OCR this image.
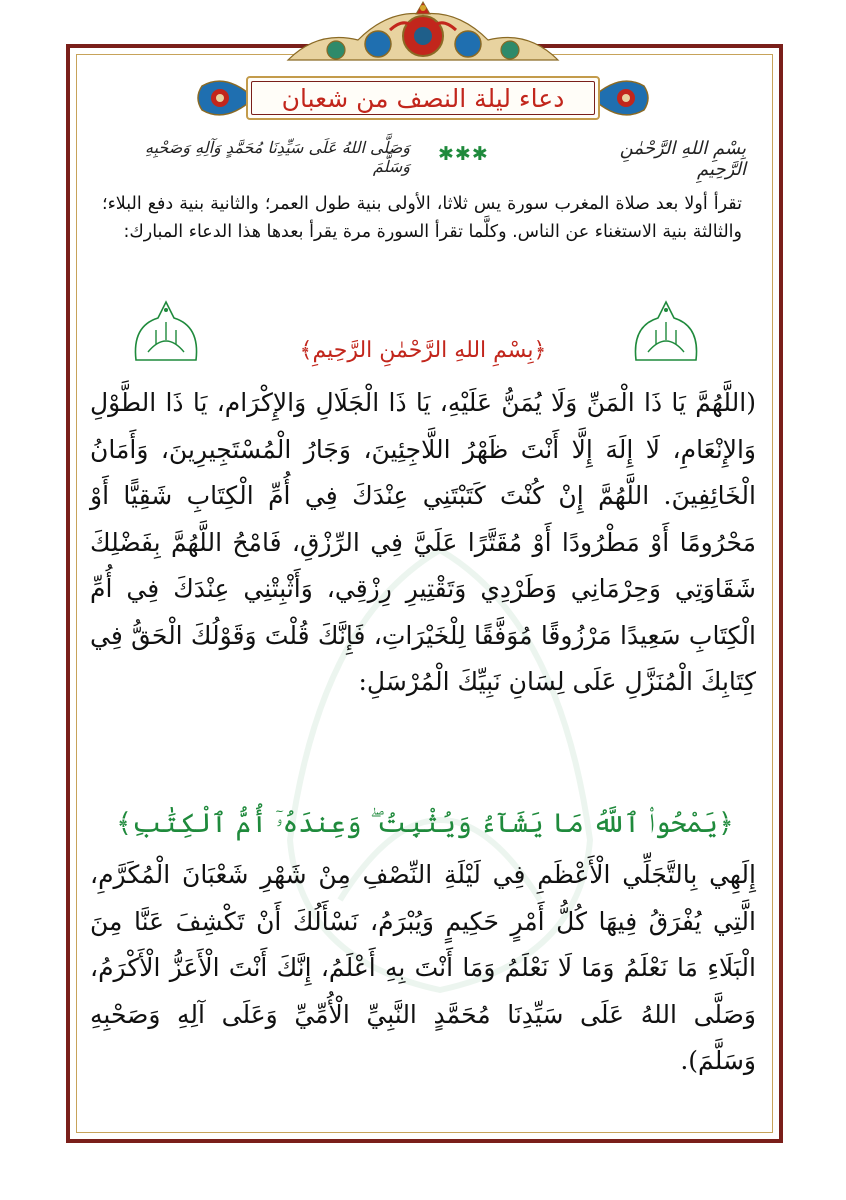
دعاء ليلة النصف من شعبان
بِسْمِ اللهِ الرَّحْمٰنِ الرَّحِيمِ
✱✱✱
وَصَلَّى اللهُ عَلَى سَيِّدِنَا مُحَمَّدٍ وَآلِهِ وَصَحْبِهِ وَسَلَّمَ
تقرأ أولا بعد صلاة المغرب سورة يس ثلاثا، الأولى بنية طول العمر؛ والثانية بنية دفع البلاء؛ والثالثة بنية الاستغناء عن الناس. وكلَّما تقرأ السورة مرة يقرأ بعدها هذا الدعاء المبارك:
﴿بِسْمِ اللهِ الرَّحْمٰنِ الرَّحِيمِ﴾
(اللَّهُمَّ يَا ذَا الْمَنِّ وَلَا يُمَنُّ عَلَيْهِ، يَا ذَا الْجَلَالِ وَالإِكْرَام، يَا ذَا الطَّوْلِ وَالإِنْعَامِ، لَا إِلَهَ إِلَّا أَنْتَ ظَهْرُ اللَّاجِئِينَ، وَجَارُ الْمُسْتَجِيرِينَ، وَأَمَانُ الْخَائِفِينَ. اللَّهُمَّ إِنْ كُنْتَ كَتَبْتَنِي عِنْدَكَ فِي أُمِّ الْكِتَابِ شَقِيًّا أَوْ مَحْرُومًا أَوْ مَطْرُودًا أَوْ مُقَتَّرًا عَلَيَّ فِي الرِّزْقِ، فَامْحُ اللَّهُمَّ بِفَضْلِكَ شَقَاوَتِي وَحِرْمَانِي وَطَرْدِي وَتَقْتِيرِ رِزْقِي، وَأَثْبِتْنِي عِنْدَكَ فِي أُمِّ الْكِتَابِ سَعِيدًا مَرْزُوقًا مُوَفَّقًا لِلْخَيْرَاتِ، فَإِنَّكَ قُلْتَ وَقَوْلُكَ الْحَقُّ فِي كِتَابِكَ الْمُنَزَّلِ عَلَى لِسَانِ نَبِيِّكَ الْمُرْسَلِ:
﴿يَمْحُوا۟ ٱللَّهُ مَا يَشَآءُ وَيُثْبِتُ ۖ وَعِندَهُۥٓ أُمُّ ٱلْكِتَٰبِ﴾
إِلَهِي بِالتَّجَلِّي الْأَعْظَمِ فِي لَيْلَةِ النِّصْفِ مِنْ شَهْرِ شَعْبَانَ الْمُكَرَّمِ، الَّتِي يُفْرَقُ فِيهَا كُلُّ أَمْرٍ حَكِيمٍ وَيُبْرَمُ، نَسْأَلُكَ أَنْ تَكْشِفَ عَنَّا مِنَ الْبَلَاءِ مَا نَعْلَمُ وَمَا لَا نَعْلَمُ وَمَا أَنْتَ بِهِ أَعْلَمُ، إِنَّكَ أَنْتَ الْأَعَزُّ الْأَكْرَمُ، وَصَلَّى اللهُ عَلَى سَيِّدِنَا مُحَمَّدٍ النَّبِيِّ الْأُمِّيِّ وَعَلَى آلِهِ وَصَحْبِهِ وَسَلَّمَ).
